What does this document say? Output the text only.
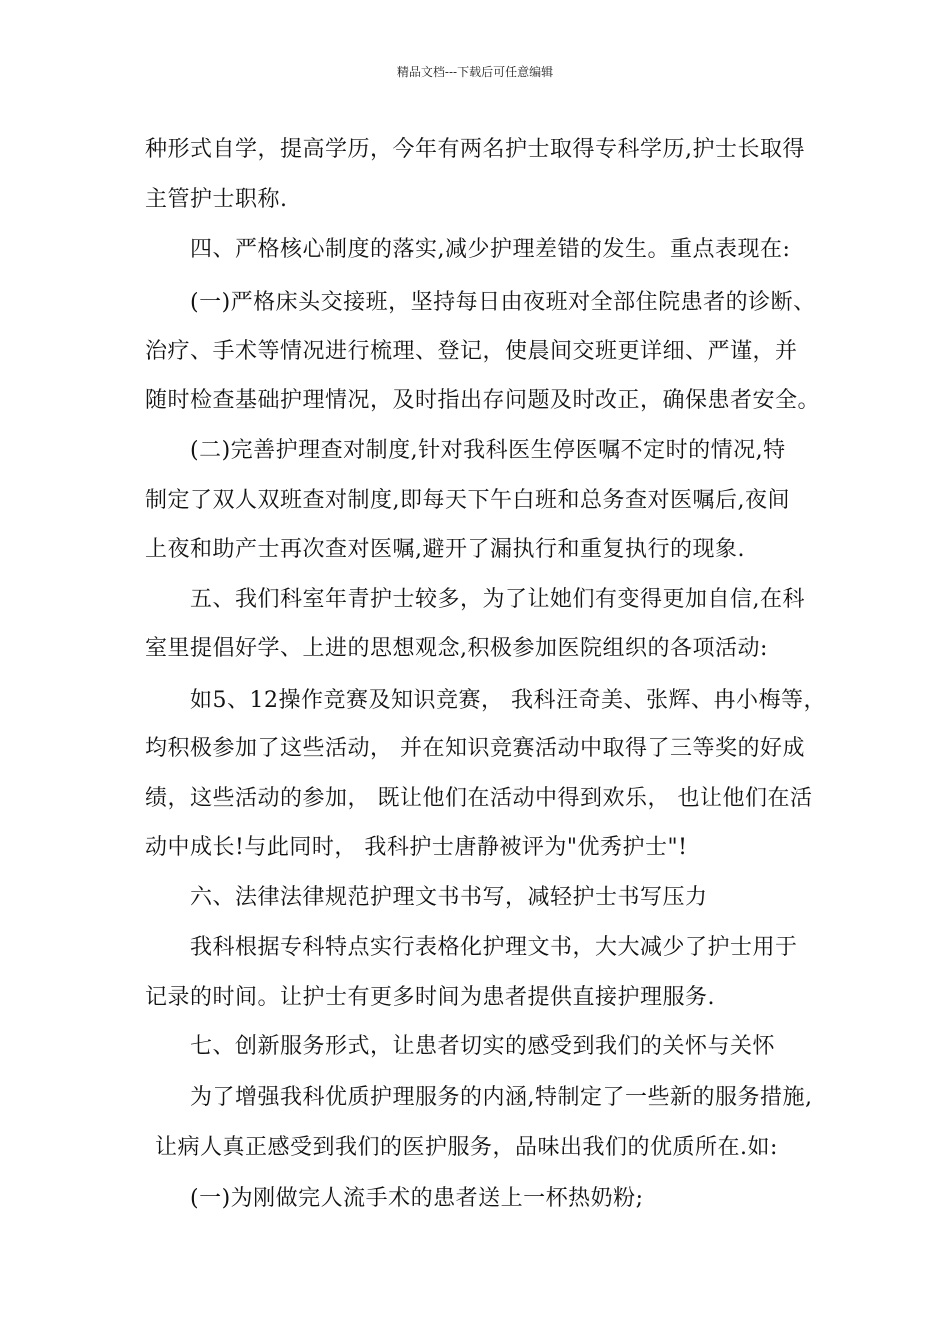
精品文档---下载后可任意编辑
种形式自学，提高学历，今年有两名护士取得专科学历,护士长取得
主管护士职称.
四、严格核心制度的落实,减少护理差错的发生。重点表现在:
(一)严格床头交接班，坚持每日由夜班对全部住院患者的诊断、
治疗、手术等情况进行梳理、登记，使晨间交班更详细、严谨，并
随时检查基础护理情况，及时指出存问题及时改正，确保患者安全。
(二)完善护理查对制度,针对我科医生停医嘱不定时的情况,特
制定了双人双班查对制度,即每天下午白班和总务查对医嘱后,夜间
上夜和助产士再次查对医嘱,避开了漏执行和重复执行的现象.
五、我们科室年青护士较多，为了让她们有变得更加自信,在科
室里提倡好学、上进的思想观念,积极参加医院组织的各项活动:
如5、12操作竞赛及知识竞赛， 我科汪奇美、张辉、冉小梅等，
均积极参加了这些活动， 并在知识竞赛活动中取得了三等奖的好成
绩，这些活动的参加， 既让他们在活动中得到欢乐， 也让他们在活
动中成长!与此同时， 我科护士唐静被评为"优秀护士"!
六、法律法律规范护理文书书写，减轻护士书写压力
我科根据专科特点实行表格化护理文书，大大减少了护士用于
记录的时间。让护士有更多时间为患者提供直接护理服务.
七、创新服务形式，让患者切实的感受到我们的关怀与关怀
为了增强我科优质护理服务的内涵,特制定了一些新的服务措施,
让病人真正感受到我们的医护服务，品味出我们的优质所在.如:
(一)为刚做完人流手术的患者送上一杯热奶粉;
